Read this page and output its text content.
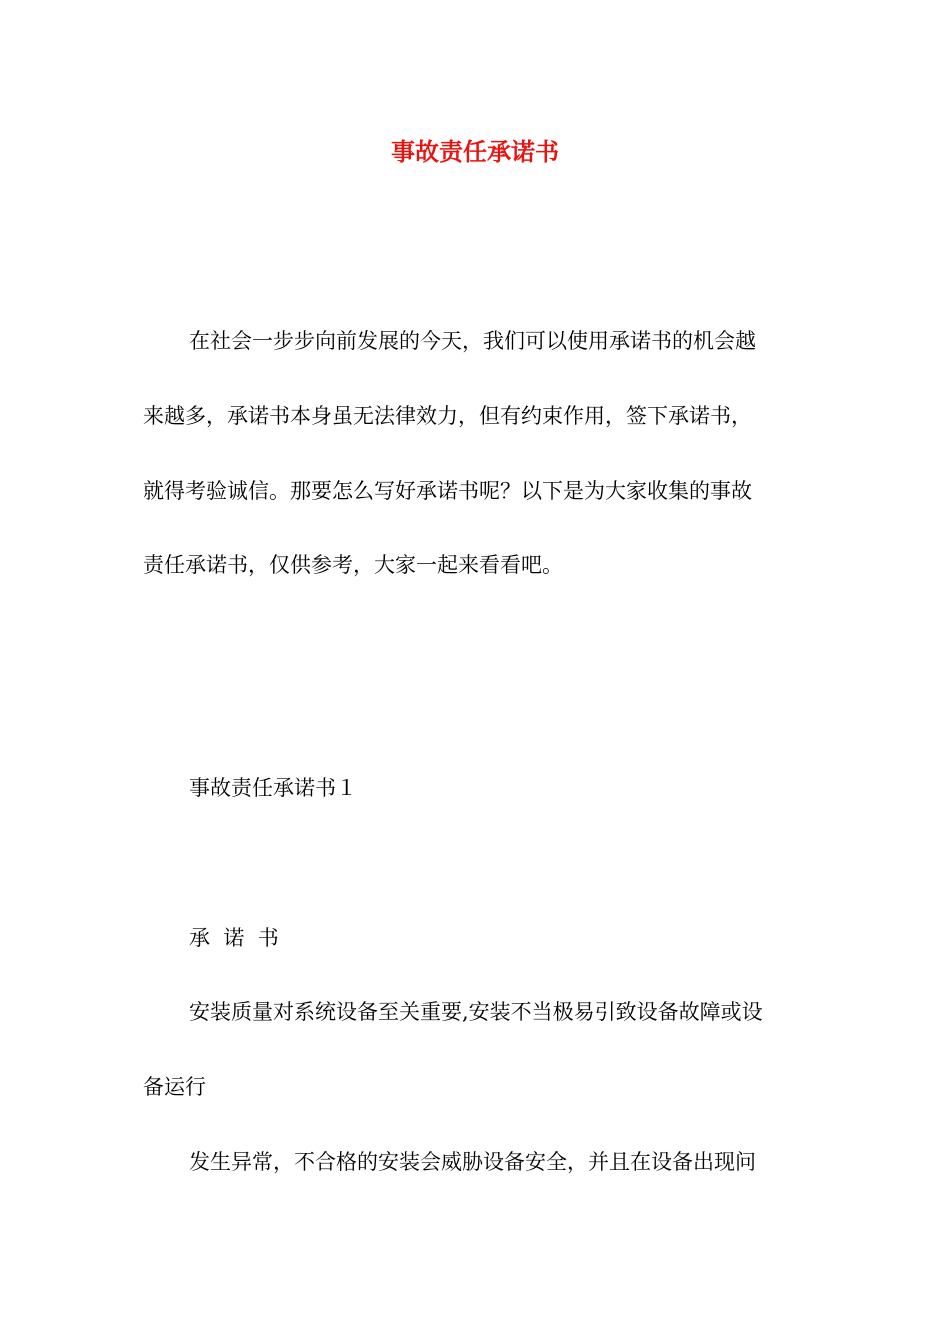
事故责任承诺书
在社会一步步向前发展的今天，我们可以使用承诺书的机会越
来越多，承诺书本身虽无法律效力，但有约束作用，签下承诺书，
就得考验诚信。那要怎么写好承诺书呢？以下是为大家收集的事故
责任承诺书，仅供参考，大家一起来看看吧。
事故责任承诺书１
承  诺  书
安装质量对系统设备至关重要,安装不当极易引致设备故障或设
备运行
发生异常，不合格的安装会威胁设备安全，并且在设备出现问
